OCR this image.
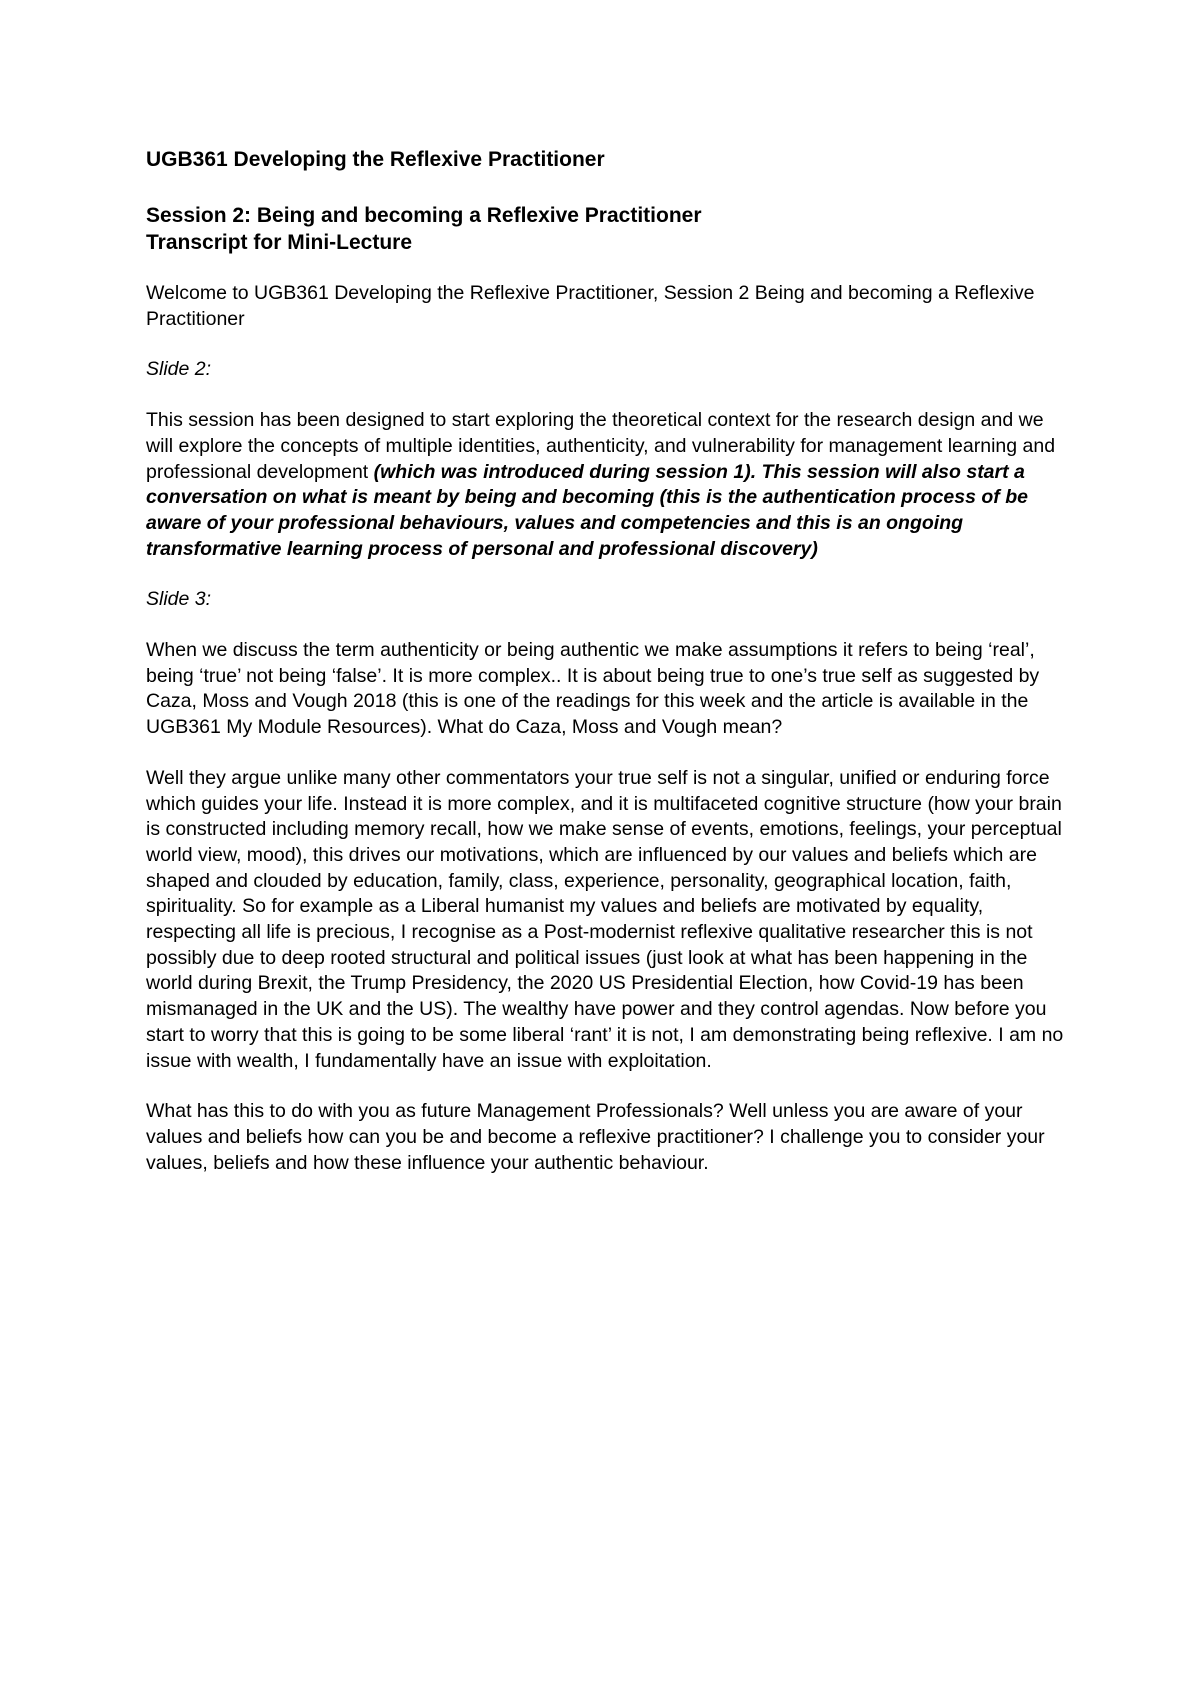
UGB361 Developing the Reflexive Practitioner

Session 2: Being and becoming a Reflexive Practitioner

Transcript for Mini-Lecture

Welcome to UGB361 Developing the Reflexive Practitioner, Session 2 Being and becoming a Reflexive Practitioner

Slide 2:

This session has been designed to start exploring the theoretical context for the research design and we will explore the concepts of multiple identities, authenticity, and vulnerability for management learning and professional development (which was introduced during session 1). This session will also start a conversation on what is meant by being and becoming (this is the authentication process of be aware of your professional behaviours, values and competencies and this is an ongoing transformative learning process of personal and professional discovery)

Slide 3:

When we discuss the term authenticity or being authentic we make assumptions it refers to being ‘real’, being ‘true’ not being ‘false’. It is more complex.. It is about being true to one’s true self as suggested by Caza, Moss and Vough 2018 (this is one of the readings for this week and the article is available in the UGB361 My Module Resources). What do Caza, Moss and Vough mean?

Well they argue unlike many other commentators your true self is not a singular, unified or enduring force which guides your life. Instead it is more complex, and it is multifaceted cognitive structure (how your brain is constructed including memory recall, how we make sense of events, emotions, feelings, your perceptual world view, mood), this drives our motivations, which are influenced by our values and beliefs which are shaped and clouded by education, family, class, experience, personality, geographical location, faith, spirituality. So for example as a Liberal humanist my values and beliefs are motivated by equality, respecting all life is precious, I recognise as a Post-modernist reflexive qualitative researcher this is not possibly due to deep rooted structural and political issues (just look at what has been happening in the world during Brexit, the Trump Presidency, the 2020 US Presidential Election, how Covid-19 has been mismanaged in the UK and the US). The wealthy have power and they control agendas. Now before you start to worry that this is going to be some liberal ‘rant’ it is not, I am demonstrating being reflexive. I am no issue with wealth, I fundamentally have an issue with exploitation.

What has this to do with you as future Management Professionals? Well unless you are aware of your values and beliefs how can you be and become a reflexive practitioner? I challenge you to consider your values, beliefs and how these influence your authentic behaviour.
